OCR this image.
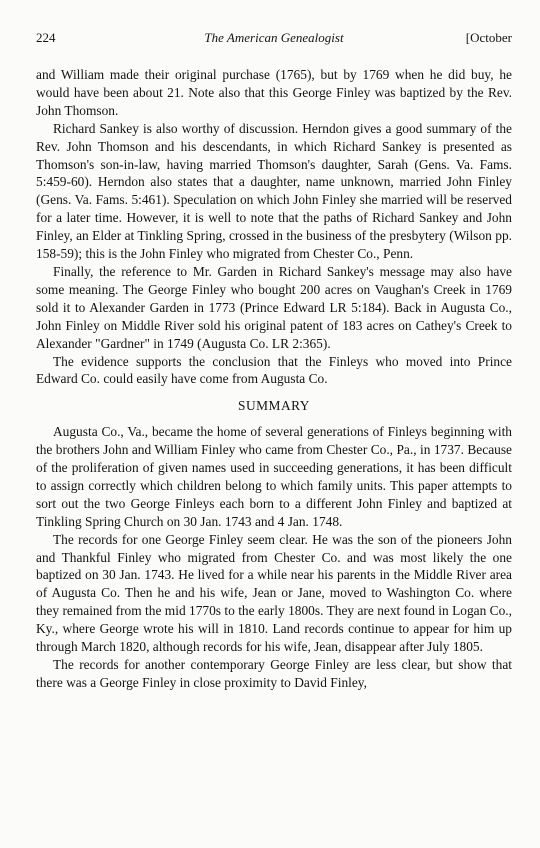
224	The American Genealogist	[October

and William made their original purchase (1765), but by 1769 when he did buy, he would have been about 21. Note also that this George Finley was baptized by the Rev. John Thomson.

Richard Sankey is also worthy of discussion. Herndon gives a good summary of the Rev. John Thomson and his descendants, in which Richard Sankey is presented as Thomson's son-in-law, having married Thomson's daughter, Sarah (Gens. Va. Fams. 5:459-60). Herndon also states that a daughter, name unknown, married John Finley (Gens. Va. Fams. 5:461). Speculation on which John Finley she married will be reserved for a later time. However, it is well to note that the paths of Richard Sankey and John Finley, an Elder at Tinkling Spring, crossed in the business of the presbytery (Wilson pp. 158-59); this is the John Finley who migrated from Chester Co., Penn.

Finally, the reference to Mr. Garden in Richard Sankey's message may also have some meaning. The George Finley who bought 200 acres on Vaughan's Creek in 1769 sold it to Alexander Garden in 1773 (Prince Edward LR 5:184). Back in Augusta Co., John Finley on Middle River sold his original patent of 183 acres on Cathey's Creek to Alexander "Gardner" in 1749 (Augusta Co. LR 2:365).

The evidence supports the conclusion that the Finleys who moved into Prince Edward Co. could easily have come from Augusta Co.

SUMMARY

Augusta Co., Va., became the home of several generations of Finleys beginning with the brothers John and William Finley who came from Chester Co., Pa., in 1737. Because of the proliferation of given names used in succeeding generations, it has been difficult to assign correctly which children belong to which family units. This paper attempts to sort out the two George Finleys each born to a different John Finley and baptized at Tinkling Spring Church on 30 Jan. 1743 and 4 Jan. 1748.

The records for one George Finley seem clear. He was the son of the pioneers John and Thankful Finley who migrated from Chester Co. and was most likely the one baptized on 30 Jan. 1743. He lived for a while near his parents in the Middle River area of Augusta Co. Then he and his wife, Jean or Jane, moved to Washington Co. where they remained from the mid 1770s to the early 1800s. They are next found in Logan Co., Ky., where George wrote his will in 1810. Land records continue to appear for him up through March 1820, although records for his wife, Jean, disappear after July 1805.

The records for another contemporary George Finley are less clear, but show that there was a George Finley in close proximity to David Finley,
